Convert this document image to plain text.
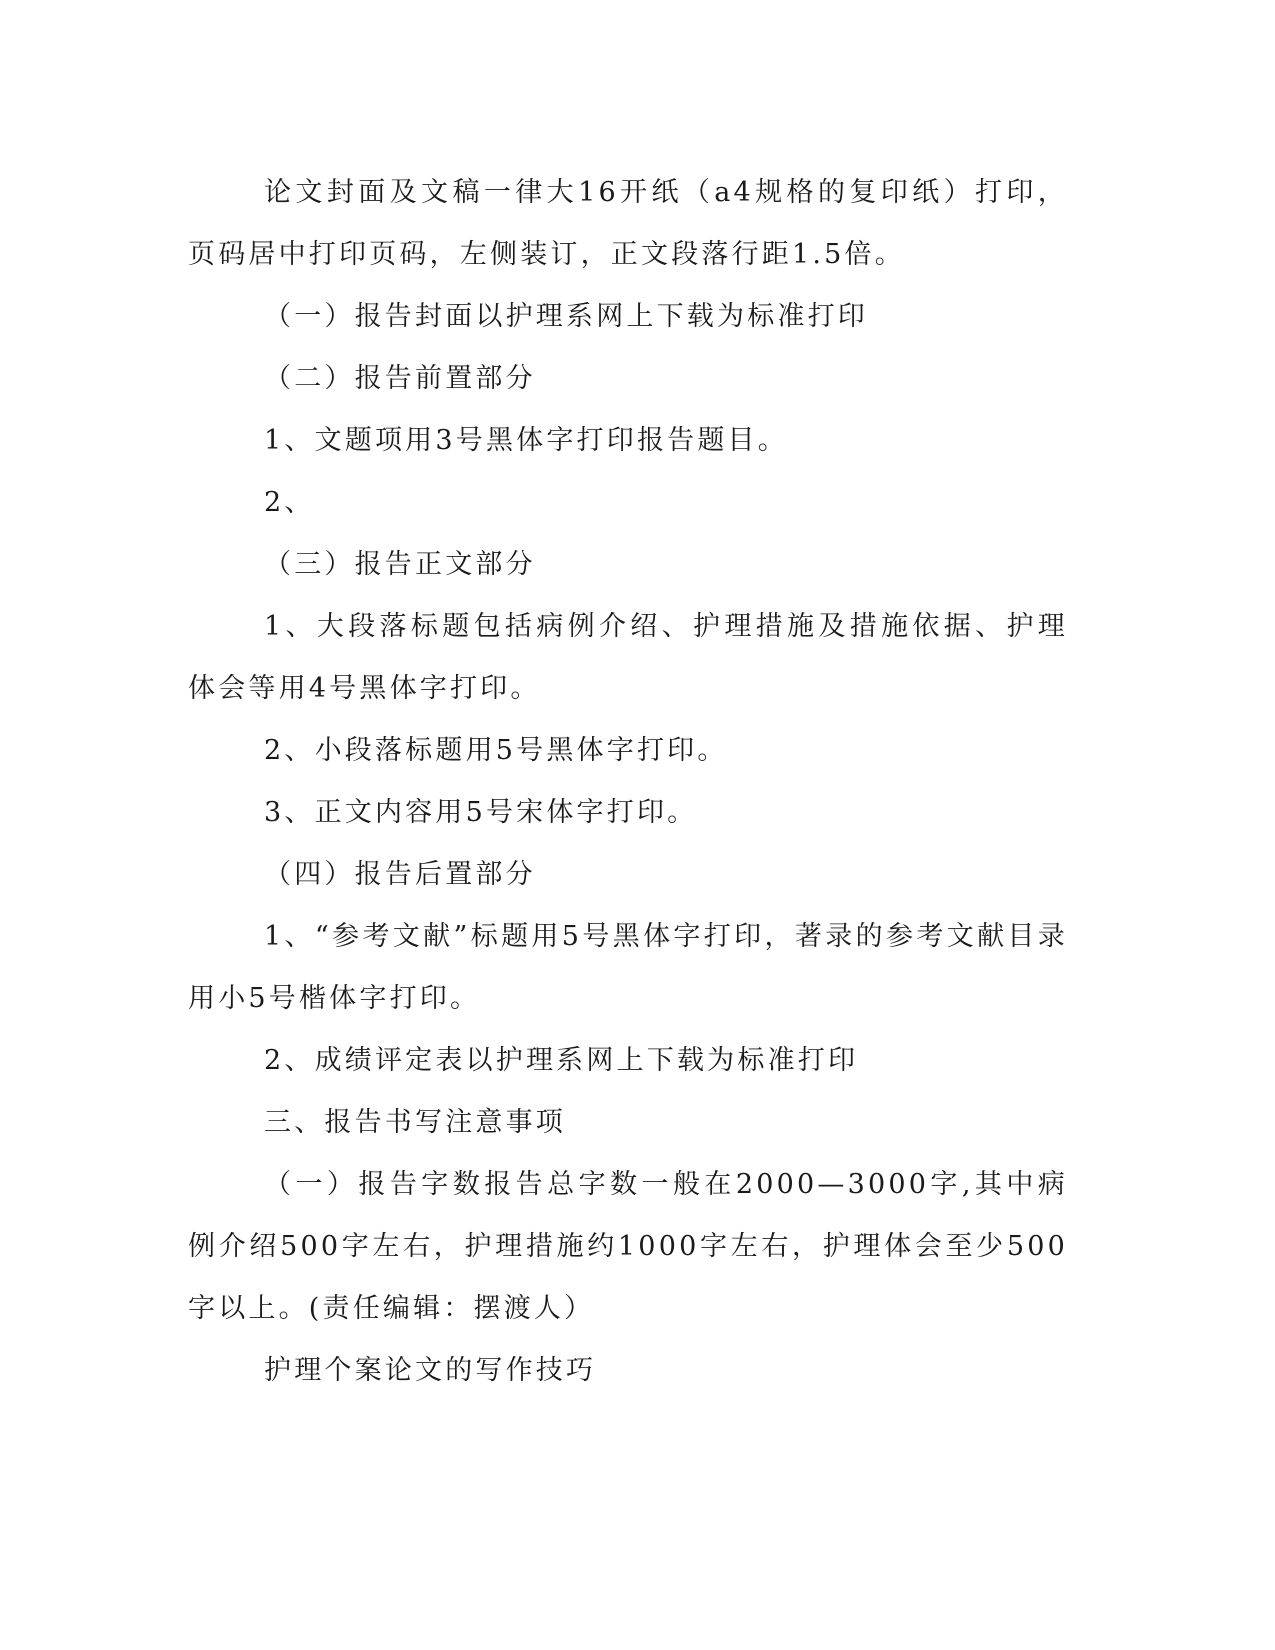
论文封面及文稿一律大16开纸（a4规格的复印纸）打印，页码居中打印页码，左侧装订，正文段落行距1.5倍。

（一）报告封面以护理系网上下载为标准打印

（二）报告前置部分

1、文题项用3号黑体字打印报告题目。

2、

（三）报告正文部分

1、大段落标题包括病例介绍、护理措施及措施依据、护理体会等用4号黑体字打印。

2、小段落标题用5号黑体字打印。

3、正文内容用5号宋体字打印。

（四）报告后置部分

1、“参考文献”标题用5号黑体字打印，著录的参考文献目录用小5号楷体字打印。

2、成绩评定表以护理系网上下载为标准打印

三、报告书写注意事项

（一）报告字数报告总字数一般在2000—3000字,其中病例介绍500字左右，护理措施约1000字左右，护理体会至少500字以上。(责任编辑：摆渡人）

护理个案论文的写作技巧
